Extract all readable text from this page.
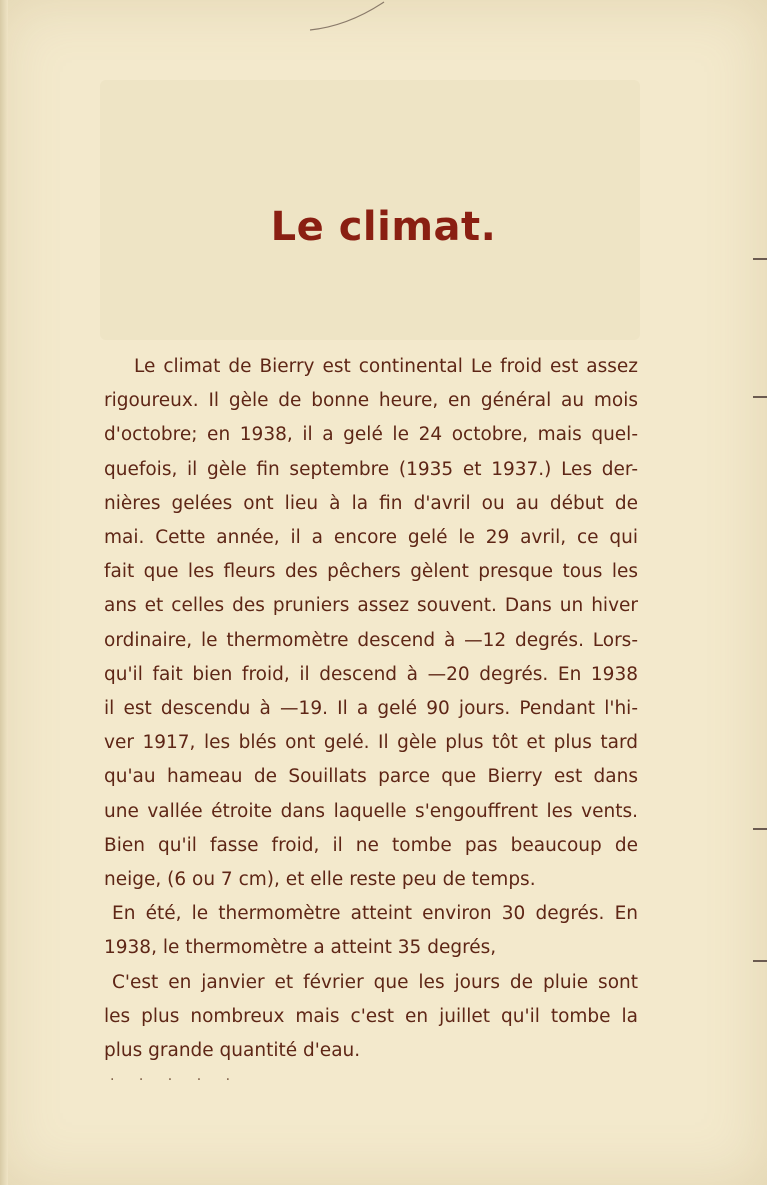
Le climat.
Le climat de Bierry est continental Le froid est assez
rigoureux. Il gèle de bonne heure, en général au mois
d'octobre; en 1938, il a gelé le 24 octobre, mais quel-
quefois, il gèle fin septembre (1935 et 1937.) Les der-
nières gelées ont lieu à la fin d'avril ou au début de
mai. Cette année, il a encore gelé le 29 avril, ce qui
fait que les fleurs des pêchers gèlent presque tous les
ans et celles des pruniers assez souvent. Dans un hiver
ordinaire, le thermomètre descend à —12 degrés. Lors-
qu'il fait bien froid, il descend à —20 degrés. En 1938
il est descendu à —19. Il a gelé 90 jours. Pendant l'hi-
ver 1917, les blés ont gelé. Il gèle plus tôt et plus tard
qu'au hameau de Souillats parce que Bierry est dans
une vallée étroite dans laquelle s'engouffrent les vents.
Bien qu'il fasse froid, il ne tombe pas beaucoup de
neige, (6 ou 7 cm), et elle reste peu de temps.
En été, le thermomètre atteint environ 30 degrés. En
1938, le thermomètre a atteint 35 degrés,
C'est en janvier et février que les jours de pluie sont
les plus nombreux mais c'est en juillet qu'il tombe la
plus grande quantité d'eau.
. . . . .
